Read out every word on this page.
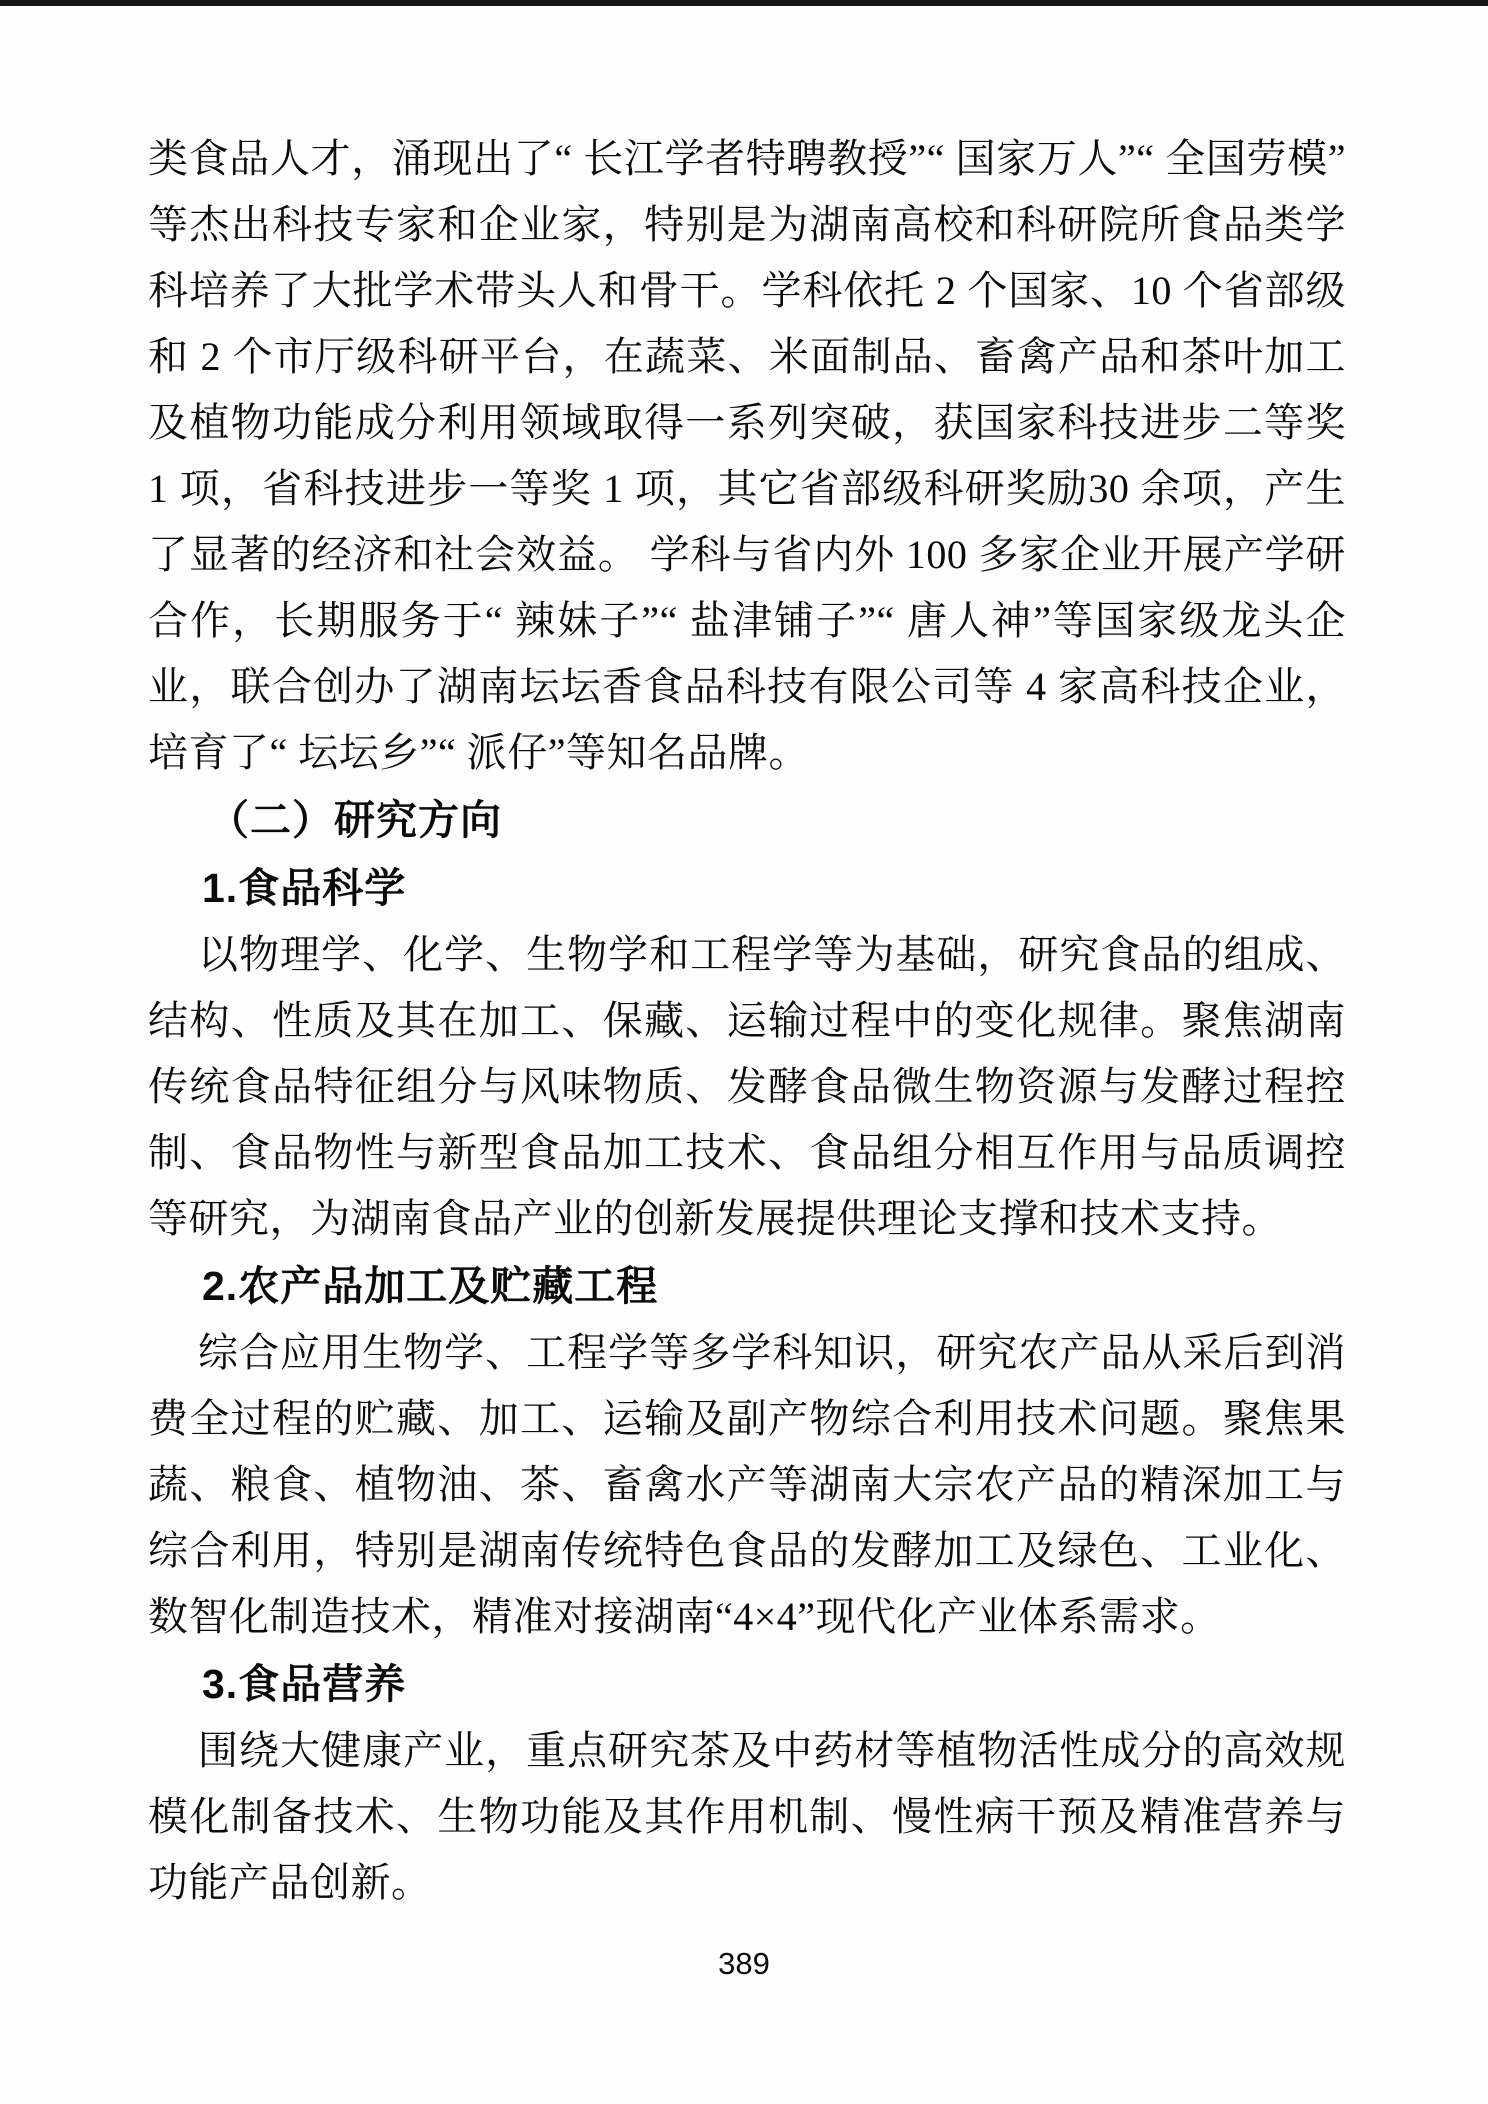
类食品人才，涌现出了“ 长江学者特聘教授”“ 国家万人”“ 全国劳模”等杰出科技专家和企业家，特别是为湖南高校和科研院所食品类学科培养了大批学术带头人和骨干。学科依托 2 个国家、10 个省部级和 2 个市厅级科研平台，在蔬菜、米面制品、畜禽产品和茶叶加工及植物功能成分利用领域取得一系列突破，获国家科技进步二等奖 1 项，省科技进步一等奖 1 项，其它省部级科研奖励30 余项，产生了显著的经济和社会效益。 学科与省内外 100 多家企业开展产学研合作，长期服务于“ 辣妹子”“ 盐津铺子”“ 唐人神”等国家级龙头企业，联合创办了湖南坛坛香食品科技有限公司等 4 家高科技企业，培育了“ 坛坛乡”“ 派仔”等知名品牌。

（二）研究方向
1.食品科学

以物理学、化学、生物学和工程学等为基础，研究食品的组成、结构、性质及其在加工、保藏、运输过程中的变化规律。聚焦湖南传统食品特征组分与风味物质、发酵食品微生物资源与发酵过程控制、食品物性与新型食品加工技术、食品组分相互作用与品质调控等研究，为湖南食品产业的创新发展提供理论支撑和技术支持。

2.农产品加工及贮藏工程

综合应用生物学、工程学等多学科知识，研究农产品从采后到消费全过程的贮藏、加工、运输及副产物综合利用技术问题。聚焦果蔬、粮食、植物油、茶、畜禽水产等湖南大宗农产品的精深加工与综合利用，特别是湖南传统特色食品的发酵加工及绿色、工业化、数智化制造技术，精准对接湖南“4×4”现代化产业体系需求。

3.食品营养

围绕大健康产业，重点研究茶及中药材等植物活性成分的高效规模化制备技术、生物功能及其作用机制、慢性病干预及精准营养与功能产品创新。

389
